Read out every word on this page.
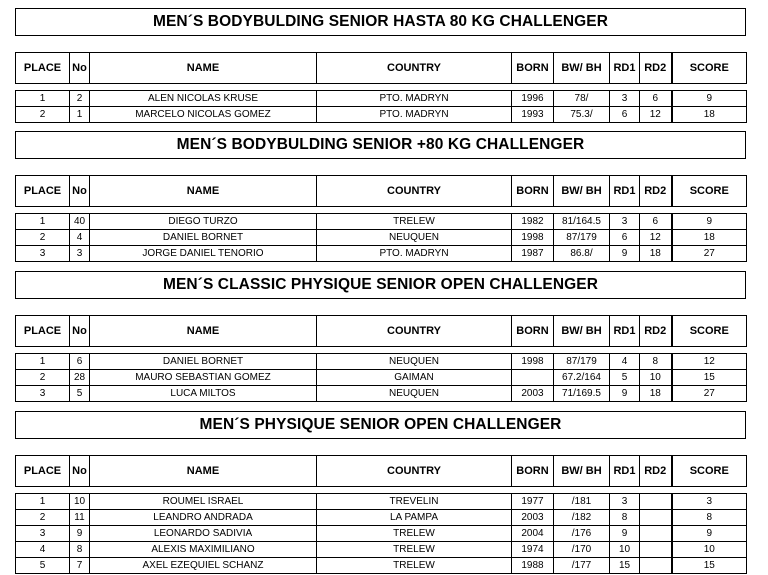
MEN´S BODYBULDING SENIOR HASTA 80 KG CHALLENGER
PLACE	No	NAME	COUNTRY	BORN	BW/ BH	RD1	RD2	SCORE

1	2	ALEN NICOLAS KRUSE	PTO. MADRYN	1996	78/	3	6	9
2	1	MARCELO NICOLAS GOMEZ	PTO. MADRYN	1993	75.3/	6	12	18
MEN´S BODYBULDING SENIOR +80 KG CHALLENGER
PLACE	No	NAME	COUNTRY	BORN	BW/ BH	RD1	RD2	SCORE

1	40	DIEGO TURZO	TRELEW	1982	81/164.5	3	6	9
2	4	DANIEL BORNET	NEUQUEN	1998	87/179	6	12	18
3	3	JORGE DANIEL TENORIO	PTO. MADRYN	1987	86.8/	9	18	27
MEN´S CLASSIC PHYSIQUE SENIOR OPEN CHALLENGER
PLACE	No	NAME	COUNTRY	BORN	BW/ BH	RD1	RD2	SCORE

1	6	DANIEL BORNET	NEUQUEN	1998	87/179	4	8	12
2	28	MAURO SEBASTIAN GOMEZ	GAIMAN		67.2/164	5	10	15
3	5	LUCA MILTOS	NEUQUEN	2003	71/169.5	9	18	27
MEN´S PHYSIQUE SENIOR OPEN CHALLENGER
PLACE	No	NAME	COUNTRY	BORN	BW/ BH	RD1	RD2	SCORE

1	10	ROUMEL ISRAEL	TREVELIN	1977	/181	3		3
2	11	LEANDRO ANDRADA	LA PAMPA	2003	/182	8		8
3	9	LEONARDO SADIVIA	TRELEW	2004	/176	9		9
4	8	ALEXIS MAXIMILIANO	TRELEW	1974	/170	10		10
5	7	AXEL EZEQUIEL SCHANZ	TRELEW	1988	/177	15		15
